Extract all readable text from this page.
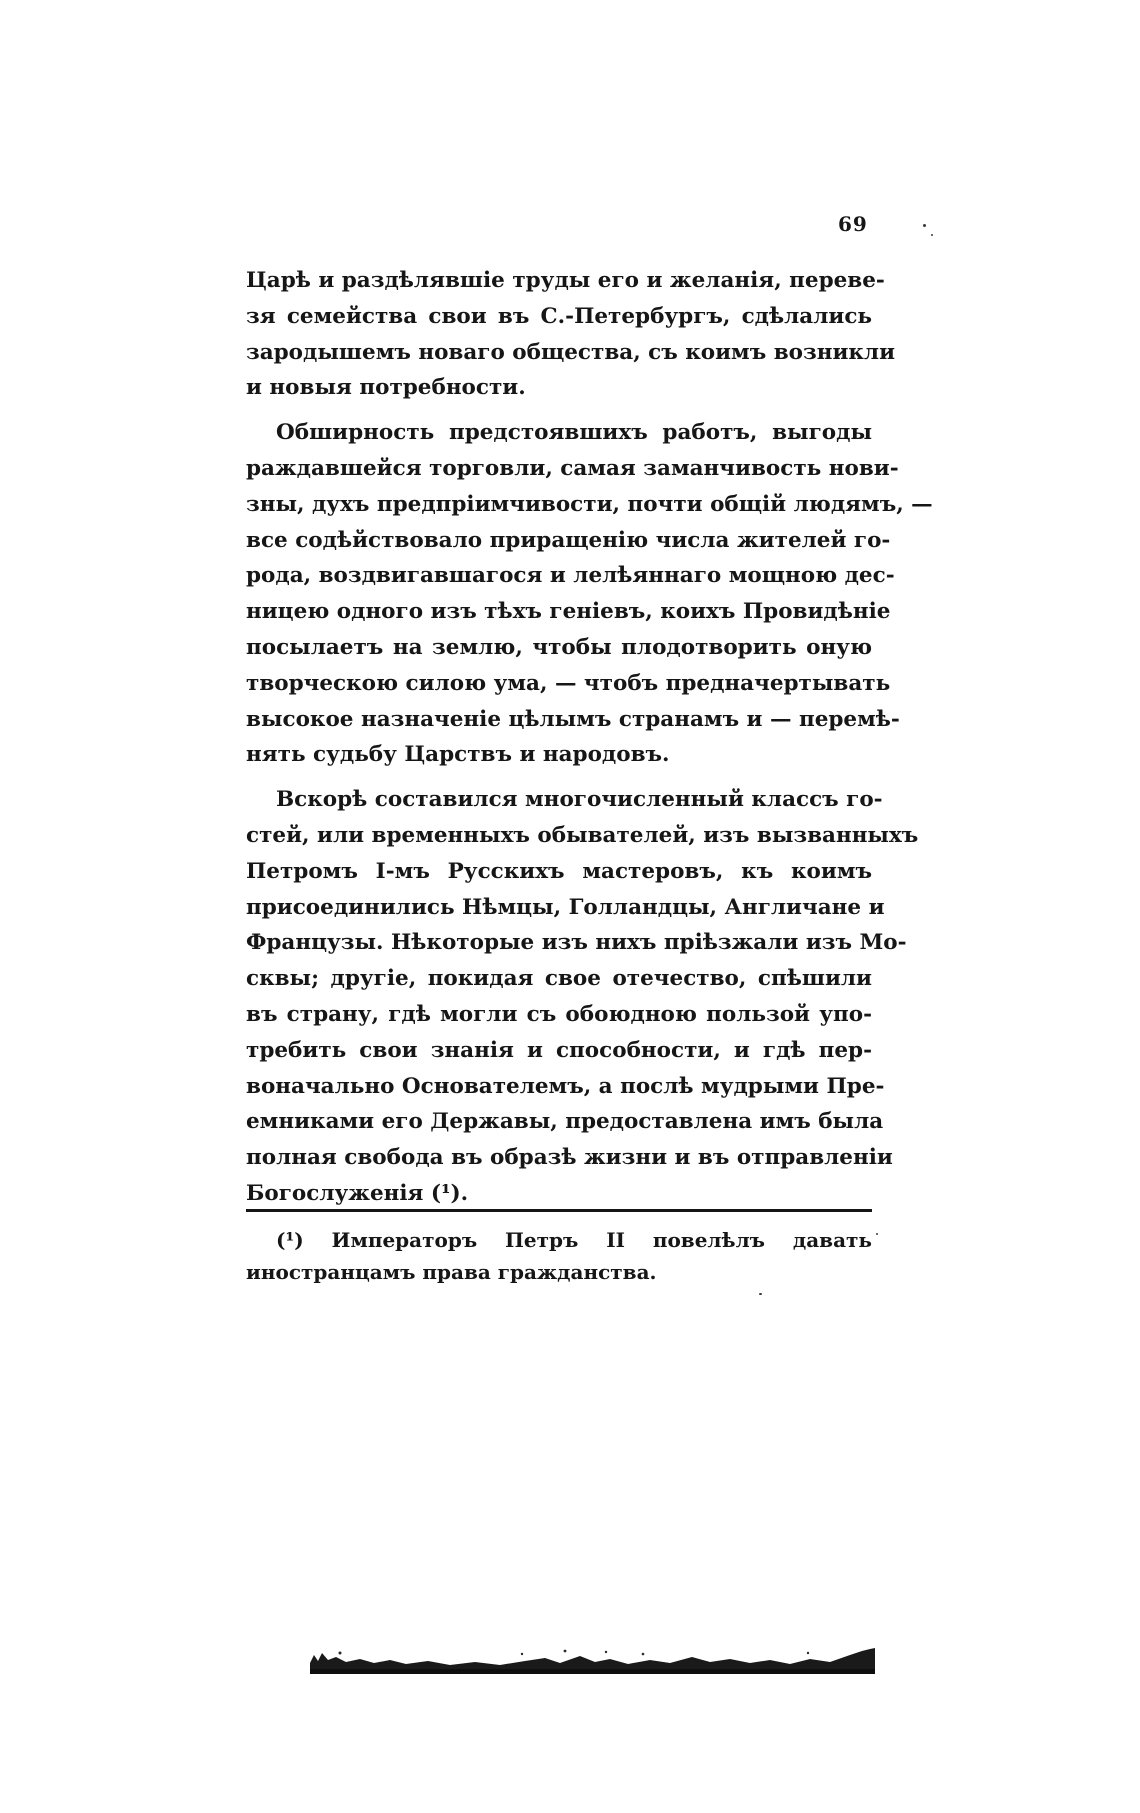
69
Царѣ и раздѣлявшіе труды его и желанія, переве-
зя семейства свои въ С.-Петербургъ, сдѣлались
зародышемъ новаго общества, съ коимъ возникли
и новыя потребности.
Обширность предстоявшихъ работъ, выгоды
раждавшейся торговли, самая заманчивость нови-
зны, духъ предпріимчивости, почти общій людямъ, —
все содѣйствовало приращенію числа жителей го-
рода, воздвигавшагося и лелѣяннаго мощною дес-
ницею одного изъ тѣхъ геніевъ, коихъ Провидѣніе
посылаетъ на землю, чтобы плодотворить оную
творческою силою ума, — чтобъ предначертывать
высокое назначеніе цѣлымъ странамъ и — перемѣ-
нять судьбу Царствъ и народовъ.
Вскорѣ составился многочисленный классъ го-
стей, или временныхъ обывателей, изъ вызванныхъ
Петромъ I-мъ Русскихъ мастеровъ, къ коимъ
присоединились Нѣмцы, Голландцы, Англичане и
Французы. Нѣкоторые изъ нихъ пріѣзжали изъ Мо-
сквы; другіе, покидая свое отечество, спѣшили
въ страну, гдѣ могли съ обоюдною пользой упо-
требить свои знанія и способности, и гдѣ пер-
воначально Основателемъ, а послѣ мудрыми Пре-
емниками его Державы, предоставлена имъ была
полная свобода въ образѣ жизни и въ отправленіи
Богослуженія (¹).
(¹) Императоръ Петръ II повелѣлъ давать
иностранцамъ права гражданства.
